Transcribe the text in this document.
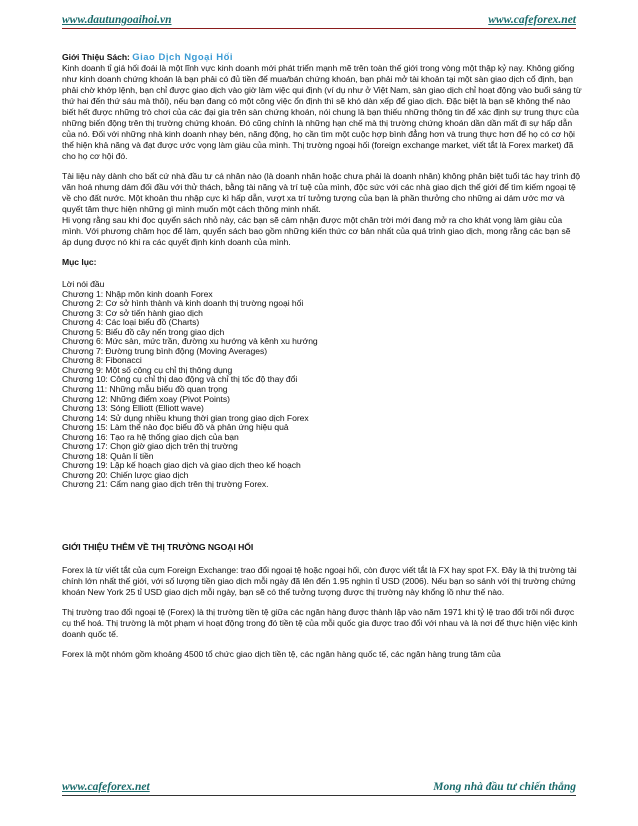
www.dautungoaihoi.vn	www.cafeforex.net

Giới Thiệu Sách: Giao Dịch Ngoại Hối

Kinh doanh tỉ giá hối đoái là một lĩnh vực kinh doanh mới phát triển mạnh mẽ trên toàn thế giới trong vòng một thập kỷ nay. Không giống như kinh doanh chứng khoán là bạn phải có đủ tiền để mua/bán chứng khoán, bạn phải mở tài khoản tại một sàn giao dịch cổ định, bạn phải chờ khớp lệnh, bạn chỉ được giao dịch vào giờ làm việc qui định (ví dụ như ở Việt Nam, sàn giao dịch chỉ hoạt động vào buổi sáng từ thứ hai đến thứ sáu mà thôi), nếu bạn đang có một công việc ổn định thì sẽ khó dàn xếp để giao dịch. Đặc biệt là bạn sẽ không thể nào biết hết được những trò chơi của các đại gia trên sàn chứng khoán, nói chung là bạn thiếu những thông tin để xác định sự trung thực của những biến động trên thị trường chứng khoán. Đó cũng chính là những hạn chế mà thị trường chứng khoán dần dần mất đi sự hấp dẫn của nó. Đối với những nhà kinh doanh nhạy bén, năng động, họ cần tìm một cuộc hợp bình đẳng hơn và trung thực hơn để họ có cơ hội thể hiện khả năng và đạt được ước vọng làm giàu của mình. Thị trường ngoại hối (foreign exchange market, viết tắt là Forex market) đã cho họ cơ hội đó.

Tài liệu này dành cho bất cứ nhà đầu tư cá nhân nào (là doanh nhân hoặc chưa phải là doanh nhân) không phân biệt tuổi tác hay trình độ văn hoá nhưng dám đối đầu với thử thách, bằng tài năng và trí tuệ của mình, độc sức với các nhà giao dịch thế giới để tìm kiếm ngoại tệ về cho đất nước. Một khoản thu nhập cực kì hấp dẫn, vượt xa trí tưởng tượng của bạn là phần thưởng cho những ai dám ước mơ và quyết tâm thực hiện những gì mình muốn một cách thông minh nhất.

Hi vọng rằng sau khi đọc quyển sách nhỏ này, các bạn sẽ cảm nhận được một chân trời mới đang mở ra cho khát vọng làm giàu của mình. Với phương châm học để làm, quyển sách bao gồm những kiến thức cơ bản nhất của quá trình giao dịch, mong rằng các bạn sẽ áp dụng được nó khi ra các quyết định kinh doanh của mình.

Mục lục:

Lời nói đầu
Chương 1: Nhập môn kinh doanh Forex
Chương 2: Cơ sở hình thành và kinh doanh thị trường ngoại hối
Chương 3: Cơ sở tiến hành giao dịch
Chương 4: Các loại biểu đồ (Charts)
Chương 5: Biểu đồ cây nến trong giao dịch
Chương 6: Mức sàn, mức trần, đường xu hướng và kênh xu hướng
Chương 7: Đường trung bình động (Moving Averages)
Chương 8: Fibonacci
Chương 9: Một số công cụ chỉ thị thông dụng
Chương 10: Công cụ chỉ thị dao động và chỉ thị tốc độ thay đổi
Chương 11: Những mẫu biểu đồ quan trọng
Chương 12: Những điểm xoay (Pivot Points)
Chương 13: Sóng Elliott (Elliott wave)
Chương 14: Sử dụng nhiều khung thời gian trong giao dịch Forex
Chương 15: Làm thế nào đọc biểu đồ và phản ứng hiệu quả
Chương 16: Tạo ra hệ thống giao dịch của bạn
Chương 17: Chọn giờ giao dịch trên thị trường
Chương 18: Quản lí tiền
Chương 19: Lập kế hoạch giao dịch và giao dịch theo kế hoạch
Chương 20: Chiến lược giao dịch
Chương 21: Cẩm nang giao dịch trên thị trường Forex.

GIỚI THIỆU THÊM VỀ THỊ TRƯỜNG NGOẠI HỐI

Forex là từ viết tắt của cụm Foreign Exchange: trao đổi ngoại tệ hoặc ngoại hối, còn được viết tắt là FX hay spot FX. Đây là thị trường tài chính lớn nhất thế giới, với số lượng tiền giao dịch mỗi ngày đã lên đến 1.95 nghìn tỉ USD (2006). Nếu bạn so sánh với thị trường chứng khoán New York 25 tỉ USD giao dịch mỗi ngày, bạn sẽ có thể tưởng tượng được thị trường này khổng lồ như thế nào.

Thị trường trao đổi ngoại tệ (Forex) là thị trường tiền tệ giữa các ngân hàng được thành lập vào năm 1971 khi tỷ lệ trao đổi trôi nổi được cụ thể hoá. Thị trường là một phạm vi hoạt động trong đó tiền tệ của mỗi quốc gia được trao đổi với nhau và là nơi để thực hiện việc kinh doanh quốc tế.

Forex là một nhóm gồm khoảng 4500 tổ chức giao dịch tiền tệ, các ngân hàng quốc tế, các ngân hàng trung tâm của

www.cafeforex.net	Mong nhà đầu tư chiến thắng
